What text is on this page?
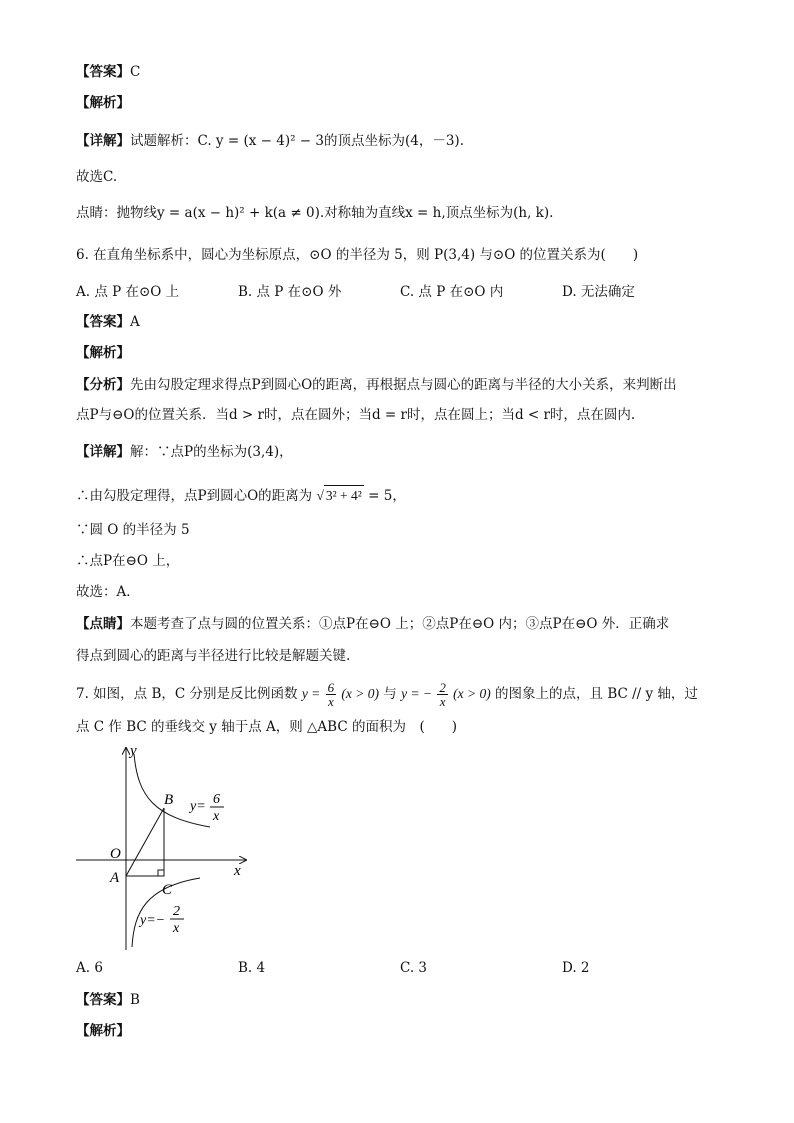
【答案】C
【解析】
【详解】试题解析：C. y = (x − 4)² − 3的顶点坐标为(4，－3).
故选C.
点睛：抛物线y = a(x − h)² + k(a ≠ 0).对称轴为直线x = h,顶点坐标为(h, k).
6. 在直角坐标系中，圆心为坐标原点，⊙O 的半径为 5，则 P(3,4) 与⊙O 的位置关系为(　　)
A. 点 P 在⊙O 上	B. 点 P 在⊙O 外	C. 点 P 在⊙O 内	D. 无法确定
【答案】A
【解析】
【分析】先由勾股定理求得点P到圆心O的距离，再根据点与圆心的距离与半径的大小关系，来判断出
点P与⊖O的位置关系．当d > r时，点在圆外；当d = r时，点在圆上；当d < r时，点在圆内.
【详解】解：∵点P的坐标为(3,4)，
∴由勾股定理得，点P到圆心O的距离为 √ 3² + 4² = 5，
∵圆 O 的半径为 5
∴点P在⊖O 上，
故选：A．
【点睛】本题考查了点与圆的位置关系：①点P在⊖O 上；②点P在⊖O 内；③点P在⊖O 外．正确求
得点到圆心的距离与半径进行比较是解题关键.
7. 如图，点 B，C 分别是反比例函数 $y = \frac{6}{x} (x > 0)$ 与 y = − $\frac{2}{x} (x > 0)$ 的图象上的点，且 BC // y 轴，过
点 C 作 BC 的垂线交 y 轴于点 A，则 △ABC 的面积为　(　　)
x
y
O
A
B
C
y= 6
x
y=−
2
x
A. 6	B. 4	C. 3	D. 2
【答案】B
【解析】
